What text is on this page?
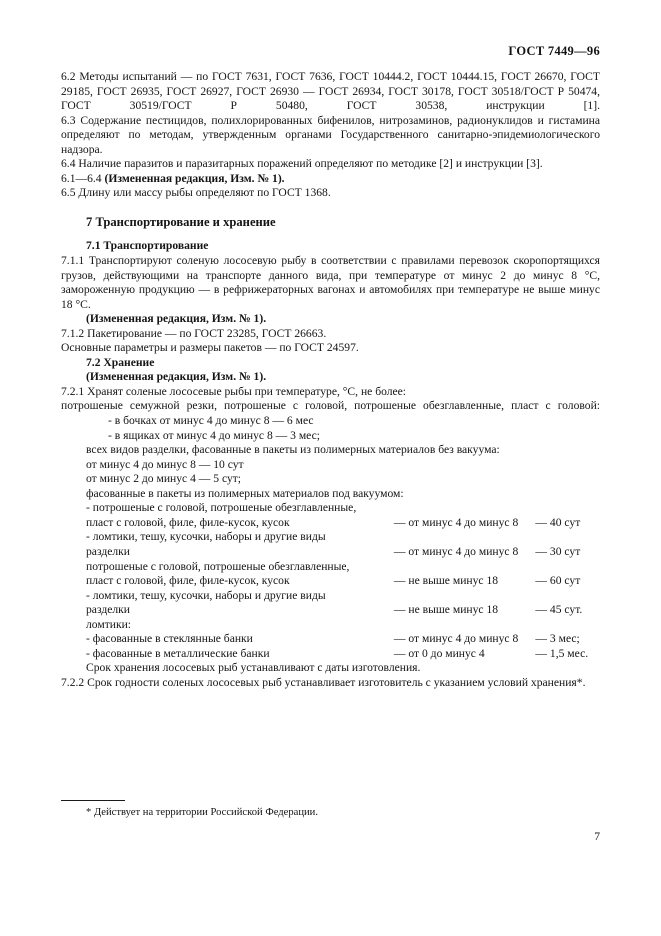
ГОСТ 7449—96

6.2 Методы испытаний — по ГОСТ 7631, ГОСТ 7636, ГОСТ 10444.2, ГОСТ 10444.15, ГОСТ 26670, ГОСТ 29185, ГОСТ 26935, ГОСТ 26927, ГОСТ 26930 — ГОСТ 26934, ГОСТ 30178, ГОСТ 30518/ГОСТ Р 50474, ГОСТ 30519/ГОСТ Р 50480, ГОСТ 30538, инструкции [1].

6.3 Содержание пестицидов, полихлорированных бифенилов, нитрозаминов, радионуклидов и гистамина определяют по методам, утвержденным органами Государственного санитарно-эпидемиологического надзора.

6.4 Наличие паразитов и паразитарных поражений определяют по методике [2] и инструкции [3].

6.1—6.4 (Измененная редакция, Изм. № 1).

6.5 Длину или массу рыбы определяют по ГОСТ 1368.

7 Транспортирование и хранение

7.1 Транспортирование

7.1.1 Транспортируют соленую лососевую рыбу в соответствии с правилами перевозок скоропортящихся грузов, действующими на транспорте данного вида, при температуре от минус 2 до минус 8 °С, замороженную продукцию — в рефрижераторных вагонах и автомобилях при температуре не выше минус 18 °С.

(Измененная редакция, Изм. № 1).

7.1.2 Пакетирование — по ГОСТ 23285, ГОСТ 26663.

Основные параметры и размеры пакетов — по ГОСТ 24597.

7.2 Хранение

(Измененная редакция, Изм. № 1).

7.2.1 Хранят соленые лососевые рыбы при температуре, °С, не более:

потрошеные семужной резки, потрошеные с головой, потрошеные обезглавленные, пласт с головой:

- в бочках от минус 4 до минус 8 — 6 мес

- в ящиках от минус 4 до минус 8 — 3 мес;

всех видов разделки, фасованные в пакеты из полимерных материалов без вакуума:

от минус 4 до минус 8 — 10 сут

от минус 2 до минус 4 — 5 сут;

фасованные в пакеты из полимерных материалов под вакуумом:

- потрошеные с головой, потрошеные обезглавленные,		
пласт с головой, филе, филе-кусок, кусок	— от минус 4 до минус 8	— 40 сут
- ломтики, тешу, кусочки, наборы и другие виды		
разделки	— от минус 4 до минус 8	— 30 сут
потрошеные с головой, потрошеные обезглавленные,		
пласт с головой, филе, филе-кусок, кусок	— не выше минус 18	— 60 сут
- ломтики, тешу, кусочки, наборы и другие виды		
разделки	— не выше минус 18	— 45 сут.
ломтики:		
- фасованные в стеклянные банки	— от минус 4 до минус 8	— 3 мес;
- фасованные в металлические банки	— от 0 до минус 4	— 1,5 мес.

Срок хранения лососевых рыб устанавливают с даты изготовления.

7.2.2 Срок годности соленых лососевых рыб устанавливает изготовитель с указанием условий хранения*.

* Действует на территории Российской Федерации.
7
